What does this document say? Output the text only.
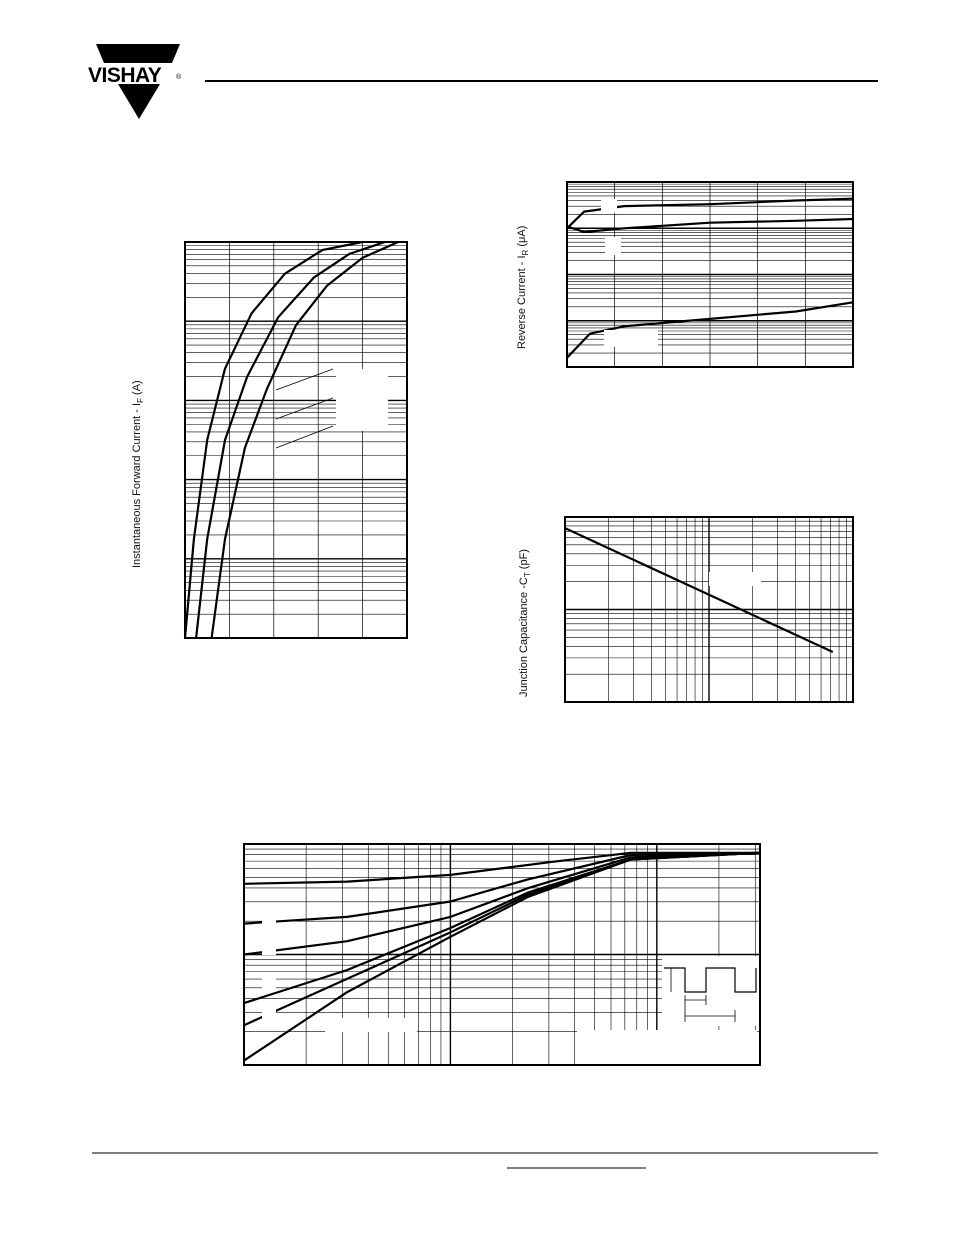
VISHAY ®
Instantaneous Forward Current - $I_F$ (A)
Reverse Current - $I_R$ (μA)
Junction Capacitance $-C_T$ (pF)
